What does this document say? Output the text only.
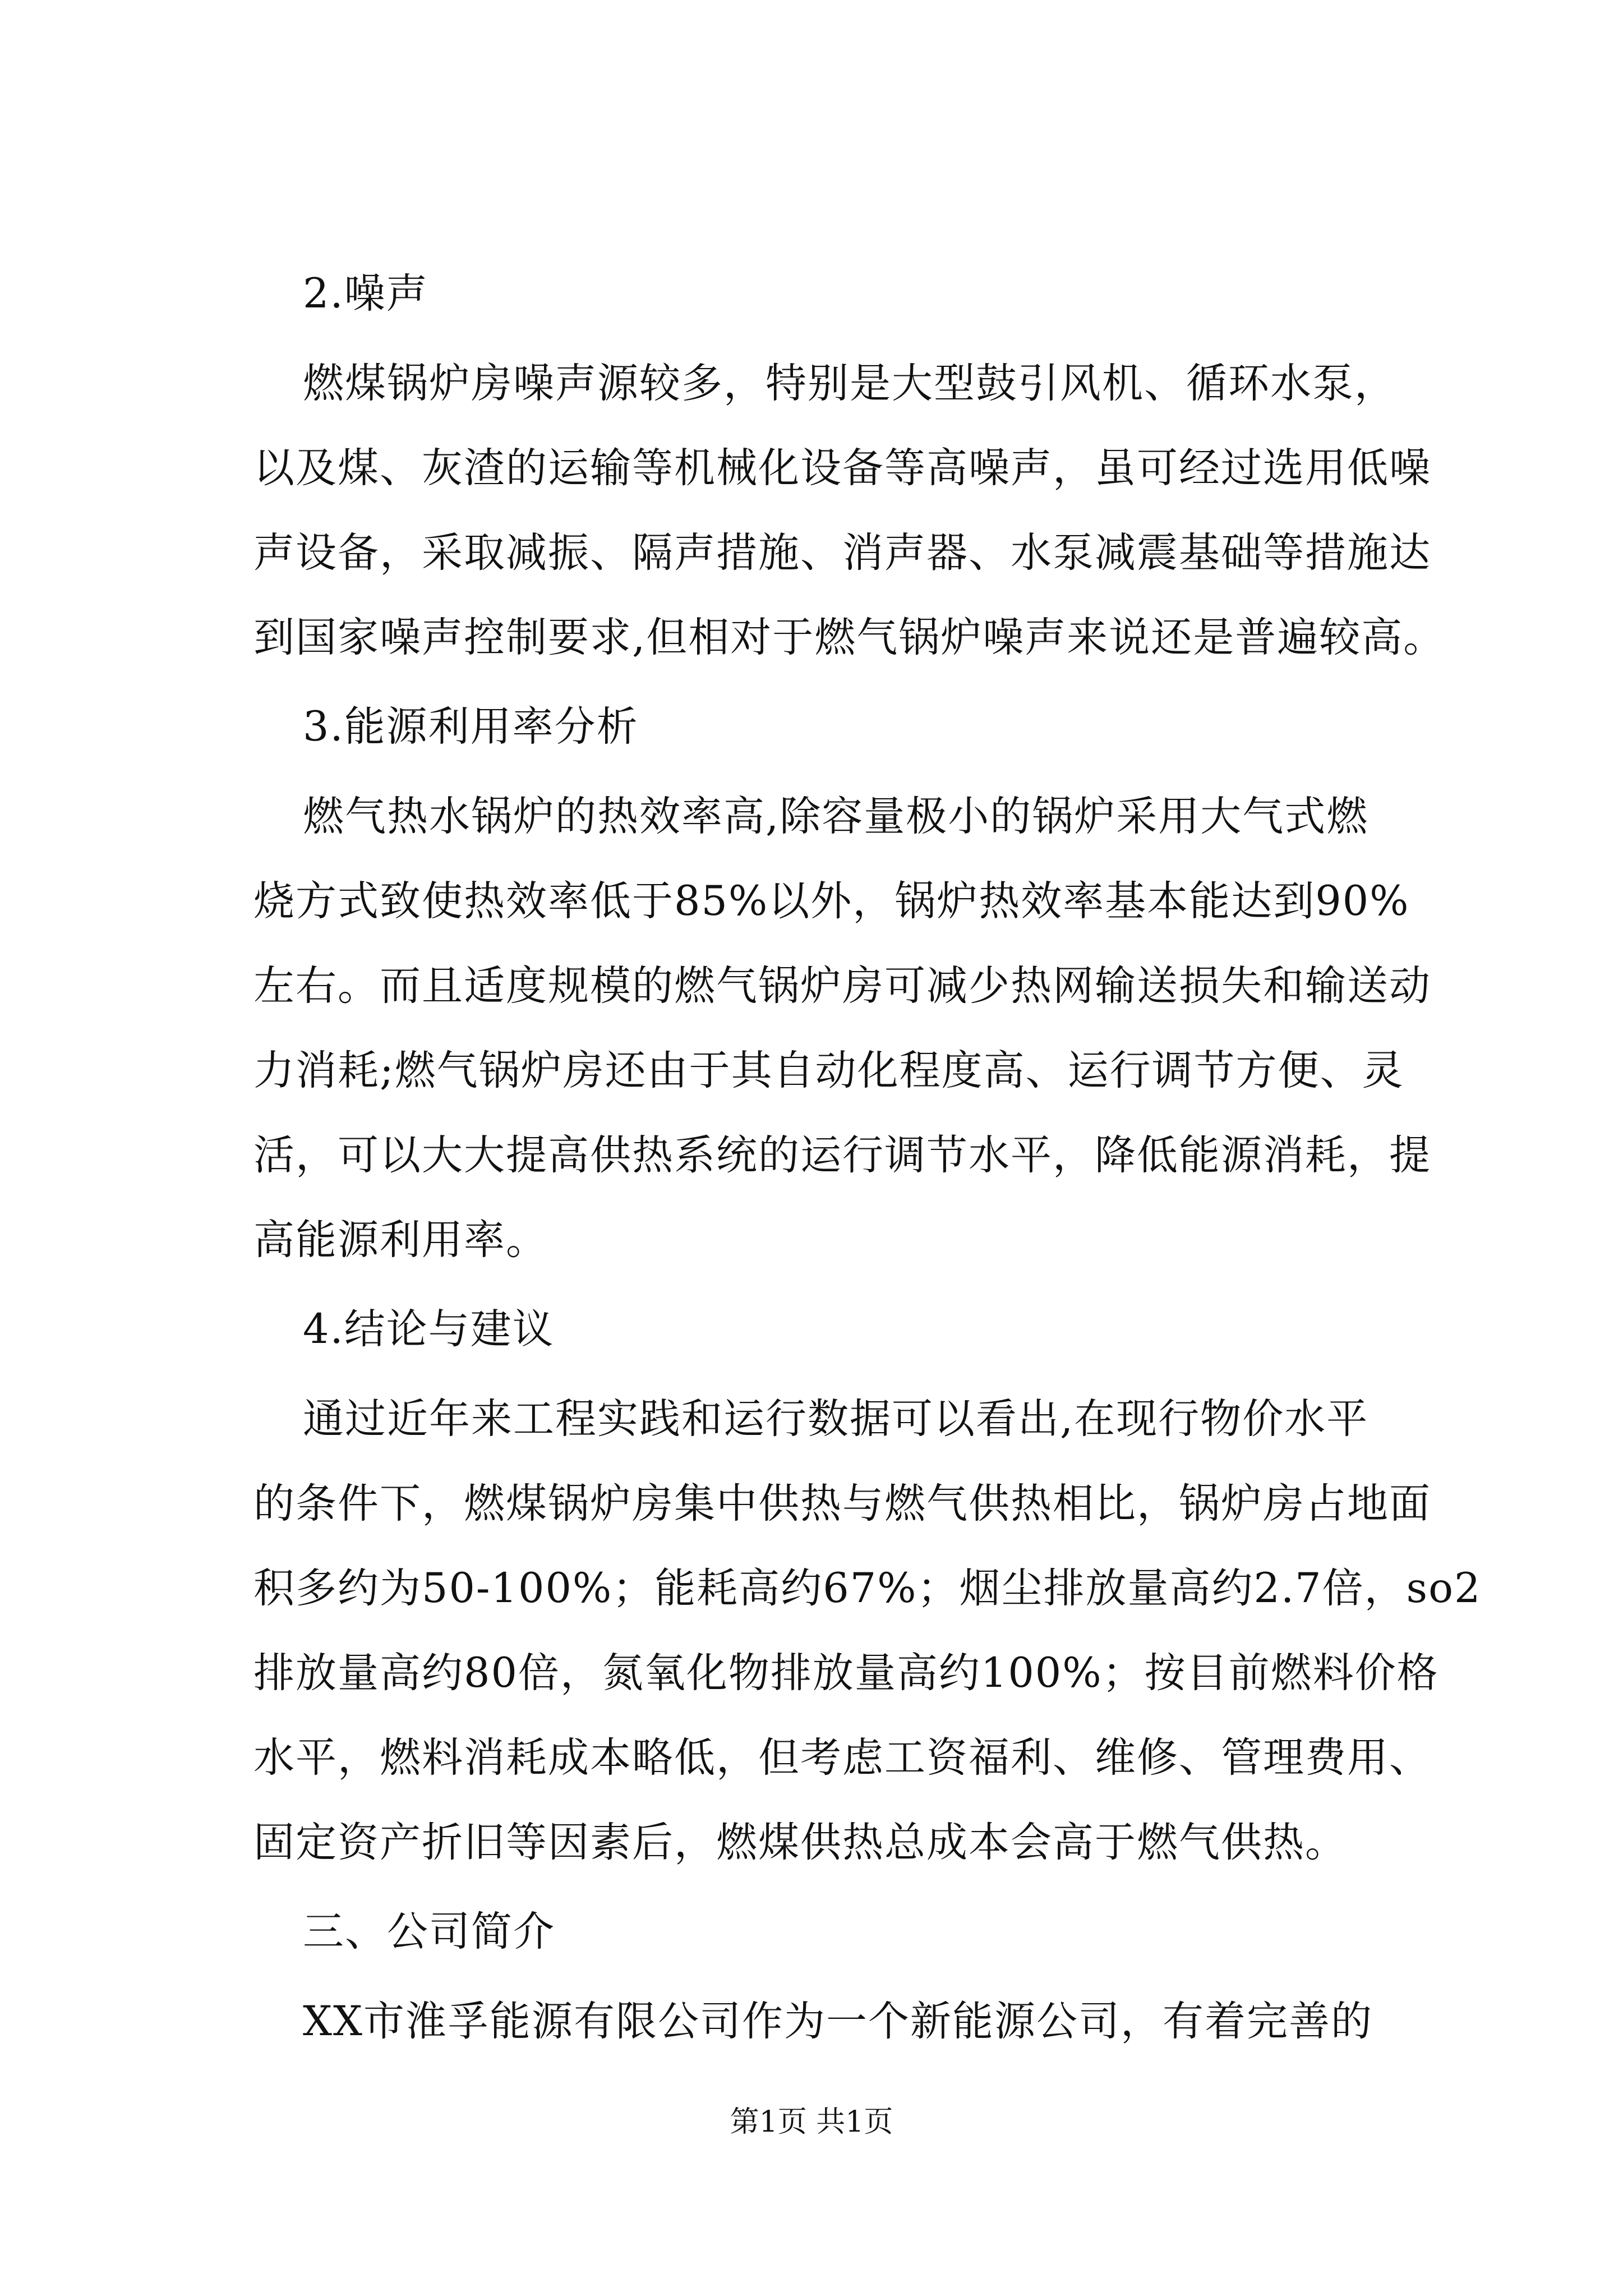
2.噪声
燃煤锅炉房噪声源较多，特别是大型鼓引风机、循环水泵，
以及煤、灰渣的运输等机械化设备等高噪声，虽可经过选用低噪
声设备，采取减振、隔声措施、消声器、水泵减震基础等措施达
到国家噪声控制要求,但相对于燃气锅炉噪声来说还是普遍较高。
3.能源利用率分析
燃气热水锅炉的热效率高,除容量极小的锅炉采用大气式燃
烧方式致使热效率低于85%以外，锅炉热效率基本能达到90%
左右。而且适度规模的燃气锅炉房可减少热网输送损失和输送动
力消耗;燃气锅炉房还由于其自动化程度高、运行调节方便、灵
活，可以大大提高供热系统的运行调节水平，降低能源消耗，提
高能源利用率。
4.结论与建议
通过近年来工程实践和运行数据可以看出,在现行物价水平
的条件下，燃煤锅炉房集中供热与燃气供热相比，锅炉房占地面
积多约为50-100%；能耗高约67%；烟尘排放量高约2.7倍，so2
排放量高约80倍，氮氧化物排放量高约100%；按目前燃料价格
水平，燃料消耗成本略低，但考虑工资福利、维修、管理费用、
固定资产折旧等因素后，燃煤供热总成本会高于燃气供热。
三、公司简介
XX市淮孚能源有限公司作为一个新能源公司，有着完善的
第1页 共1页
